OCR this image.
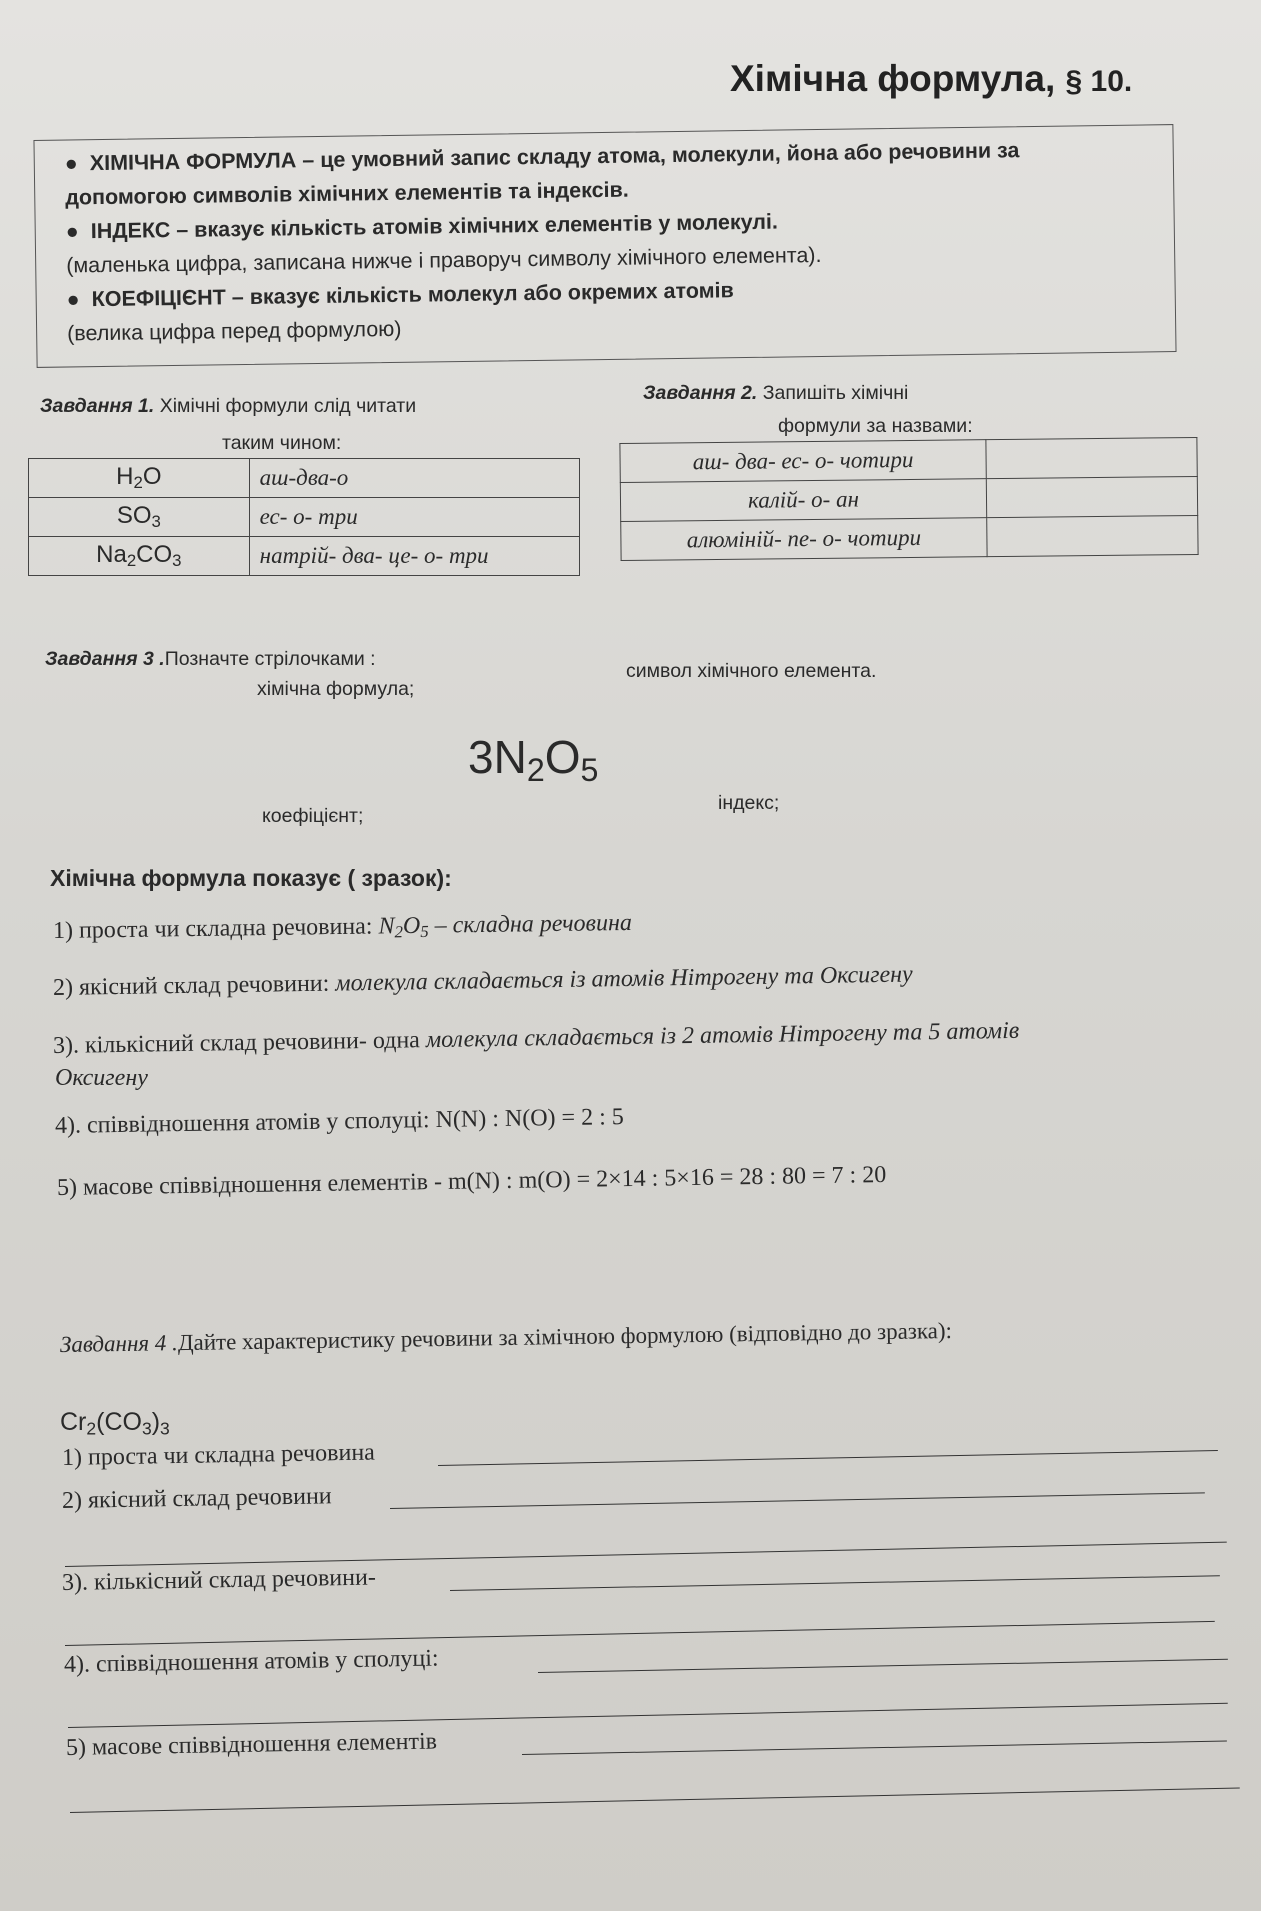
Хімічна формула, § 10.
● ХІМІЧНА ФОРМУЛА – це умовний запис складу атома, молекули, йона або речовини за
допомогою символів хімічних елементів та індексів.
● ІНДЕКС – вказує кількість атомів хімічних елементів у молекулі.
(маленька цифра, записана нижче і праворуч символу хімічного елемента).
● КОЕФІЦІЄНТ – вказує кількість молекул або окремих атомів
(велика цифра перед формулою)
Завдання 1. Хімічні формули слід читати
таким чином:
$H_2O$	аш-два-о
$SO_3$	ес- о- три
$Na_2CO_3$	натрій- два- це- о- три
Завдання 2. Запишіть хімічні
формули за назвами:
аш- два- ес- о- чотири	
калій- о- ан	
алюміній- пе- о- чотири	
Завдання 3 .Позначте стрілочками :
хімічна формула;
символ хімічного елемента.
$3N_2O_5$
коефіцієнт;
індекс;
Хімічна формула показує ( зразок):
1) проста чи складна речовина: $N_2O_5$ – складна речовина
2) якісний склад речовини: молекула складається із атомів Нітрогену та Оксигену
3). кількісний склад речовини- одна молекула складається із 2 атомів Нітрогену та 5 атомів
Оксигену
4). співвідношення атомів у сполуці: N(N) : N(O) = 2 : 5
5) масове співвідношення елементів - m(N) : m(O) = 2×14 : 5×16 = 28 : 80 = 7 : 20
Завдання 4 .Дайте характеристику речовини за хімічною формулою (відповідно до зразка):
$Cr_2(CO_3)_3$
1) проста чи складна речовина
2) якісний склад речовини
3). кількісний склад речовини-
4). співвідношення атомів у сполуці:
5) масове співвідношення елементів
